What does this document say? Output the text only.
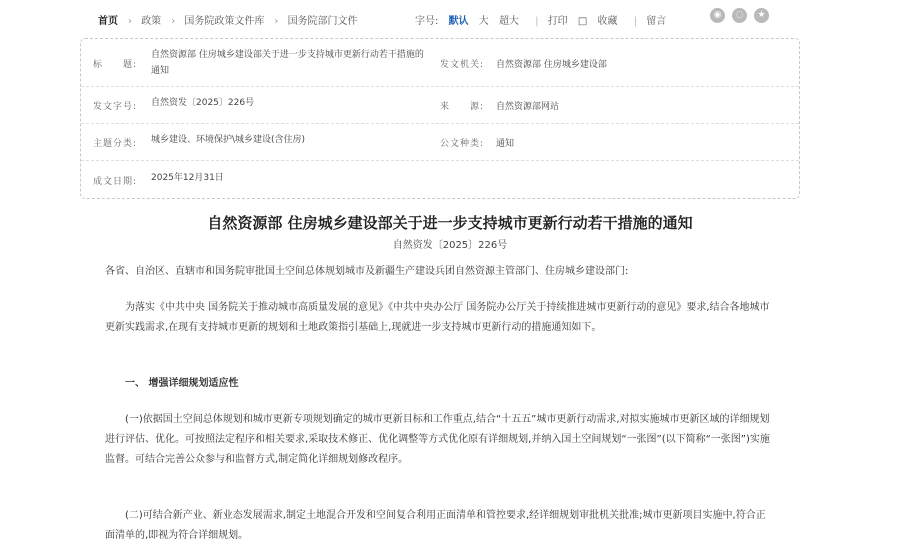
首页 › 政策 › 国务院政策文件库 › 国务院部门文件	字号: 默认 大 超大 | 打印 □ 收藏 | 留言
◉ ◌ ★
标　　题:
自然资源部 住房城乡建设部关于进一步支持城市更新行动若干措施的通知
发文机关: 自然资源部 住房城乡建设部
发文字号: 自然资发〔2025〕226号	来　　源: 自然资源部网站
主题分类: 城乡建设、环境保护\城乡建设(含住房)	公文种类: 通知
成文日期: 2025年12月31日
自然资源部 住房城乡建设部关于进一步支持城市更新行动若干措施的通知
自然资发〔2025〕226号

各省、自治区、直辖市和国务院审批国土空间总体规划城市及新疆生产建设兵团自然资源主管部门、住房城乡建设部门:

为落实《中共中央 国务院关于推动城市高质量发展的意见》《中共中央办公厅 国务院办公厅关于持续推进城市更新行动的意见》要求,结合各地城市更新实践需求,在现有支持城市更新的规划和土地政策指引基础上,现就进一步支持城市更新行动的措施通知如下。

一、 增强详细规划适应性

(一)依据国土空间总体规划和城市更新专项规划确定的城市更新目标和工作重点,结合“十五五”城市更新行动需求,对拟实施城市更新区域的详细规划进行评估、优化。可按照法定程序和相关要求,采取技术修正、优化调整等方式优化原有详细规划,并纳入国土空间规划“一张图”(以下简称“一张图”)实施监督。可结合完善公众参与和监督方式,制定简化详细规划修改程序。

(二)可结合新产业、新业态发展需求,制定土地混合开发和空间复合利用正面清单和管控要求,经详细规划审批机关批准;城市更新项目实施中,符合正面清单的,即视为符合详细规划。
